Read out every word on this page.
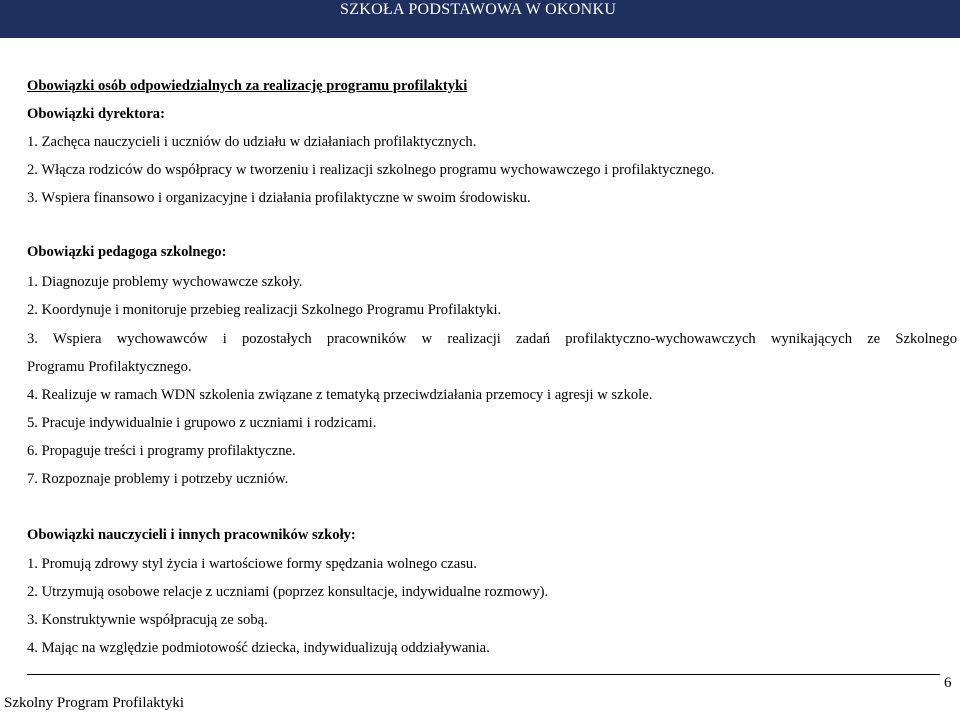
SZKOŁA PODSTAWOWA W OKONKU
Obowiązki osób odpowiedzialnych za realizację programu profilaktyki
Obowiązki dyrektora:
1. Zachęca nauczycieli i uczniów do udziału w działaniach profilaktycznych.
2. Włącza rodziców do współpracy w tworzeniu i realizacji szkolnego programu wychowawczego i profilaktycznego.
3. Wspiera finansowo i organizacyjne i działania profilaktyczne w swoim środowisku.
Obowiązki pedagoga szkolnego:
1. Diagnozuje problemy wychowawcze szkoły.
2. Koordynuje i monitoruje przebieg realizacji Szkolnego Programu Profilaktyki.
3. Wspiera wychowawców i pozostałych pracowników w realizacji zadań profilaktyczno-wychowawczych wynikających ze Szkolnego
Programu Profilaktycznego.
4. Realizuje w ramach WDN szkolenia związane z tematyką przeciwdziałania przemocy i agresji w szkole.
5. Pracuje indywidualnie i grupowo z uczniami i rodzicami.
6. Propaguje treści i programy profilaktyczne.
7. Rozpoznaje problemy i potrzeby uczniów.
Obowiązki nauczycieli i innych pracowników szkoły:
1. Promują zdrowy styl życia i wartościowe formy spędzania wolnego czasu.
2. Utrzymują osobowe relacje z uczniami (poprzez konsultacje, indywidualne rozmowy).
3. Konstruktywnie współpracują ze sobą.
4. Mając na względzie podmiotowość dziecka, indywidualizują oddziaływania.
Szkolny Program Profilaktyki
6
